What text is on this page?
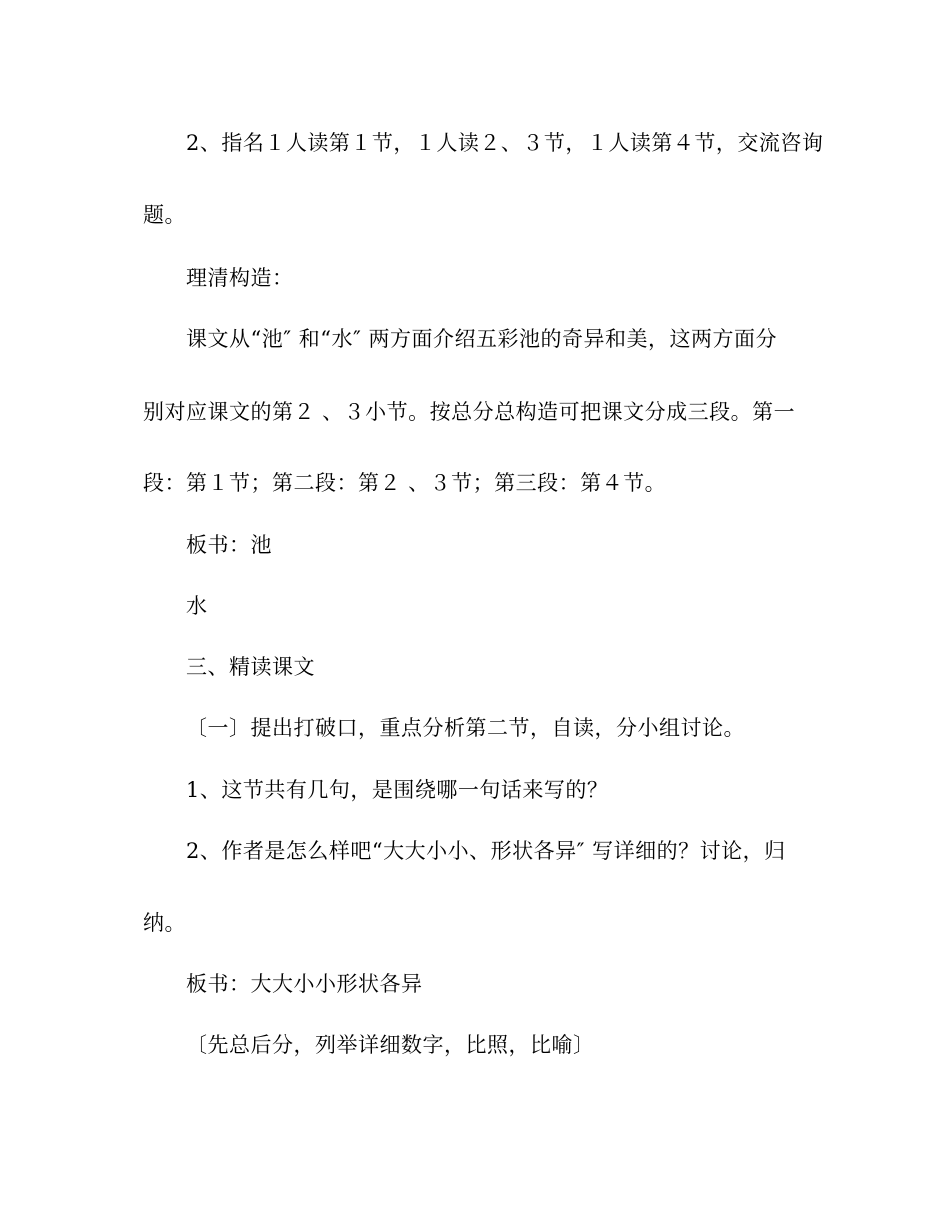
2、指名１人读第１节，１人读２、３节，１人读第４节，交流咨询
题。
理清构造：
课文从“池″ 和“水″ 两方面介绍五彩池的奇异和美，这两方面分
别对应课文的第２ 、３小节。按总分总构造可把课文分成三段。第一
段：第１节；第二段：第２ 、３节；第三段：第４节。
板书：池
水
三、精读课文
〔一〕提出打破口，重点分析第二节，自读，分小组讨论。
1、这节共有几句，是围绕哪一句话来写的？
2、作者是怎么样吧“大大小小、形状各异″ 写详细的？讨论，归
纳。
板书：大大小小形状各异
〔先总后分，列举详细数字，比照，比喻〕
